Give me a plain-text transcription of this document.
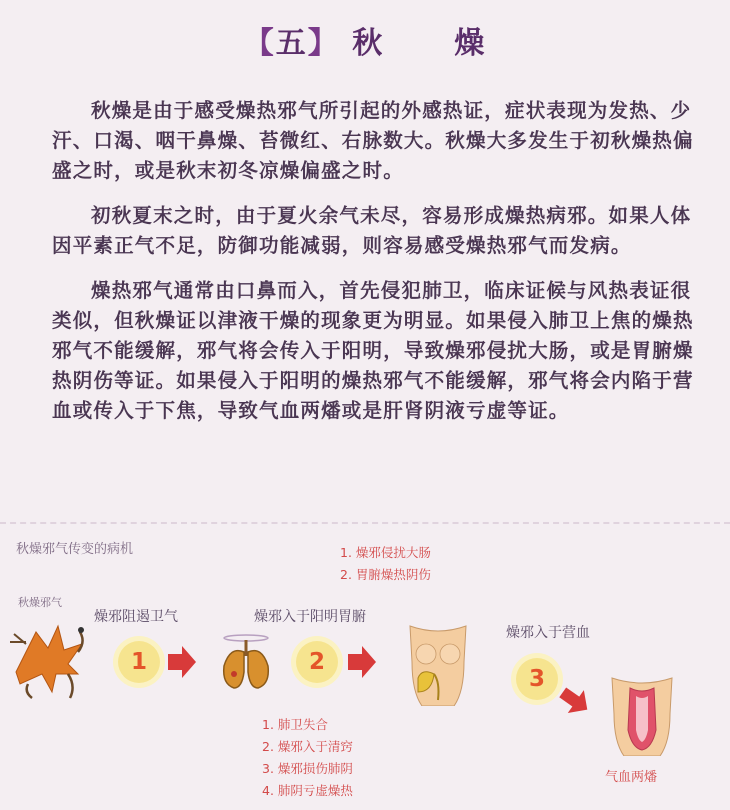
【五】 秋 燥

秋燥是由于感受燥热邪气所引起的外感热证，症状表现为发热、少汗、口渴、咽干鼻燥、苔微红、右脉数大。秋燥大多发生于初秋燥热偏盛之时，或是秋末初冬凉燥偏盛之时。

初秋夏末之时，由于夏火余气未尽，容易形成燥热病邪。如果人体因平素正气不足，防御功能减弱，则容易感受燥热邪气而发病。

燥热邪气通常由口鼻而入，首先侵犯肺卫，临床证候与风热表证很类似，但秋燥证以津液干燥的现象更为明显。如果侵入肺卫上焦的燥热邪气不能缓解，邪气将会传入于阳明，导致燥邪侵扰大肠，或是胃腑燥热阴伤等证。如果侵入于阳明的燥热邪气不能缓解，邪气将会内陷于营血或传入于下焦，导致气血两燔或是肝肾阴液亏虚等证。

秋燥邪气传变的病机	1. 燥邪侵扰大肠
2. 胃腑燥热阴伤
秋燥邪气
燥邪阻遏卫气
1
燥邪入于阳明胃腑
2
燥邪入于营血
3
1. 肺卫失合
2. 燥邪入于清窍
3. 燥邪损伤肺阴
4. 肺阴亏虚燥热
气血两燔
